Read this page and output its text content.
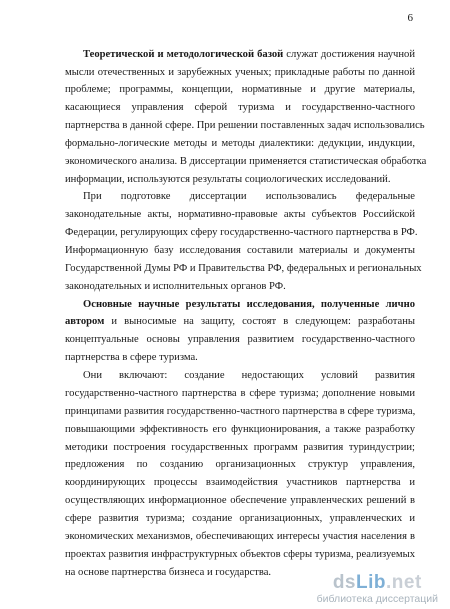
6
Теоретической и методологической базой служат достижения научной
мысли отечественных и зарубежных ученых; прикладные работы по данной
проблеме; программы, концепции, нормативные и другие материалы,
касающиеся управления сферой туризма и государственно-частного
партнерства в данной сфере. При решении поставленных задач использовались
формально-логические методы и методы диалектики: дедукции, индукции,
экономического анализа. В диссертации применяется статистическая обработка
информации, используются результаты социологических исследований.
При подготовке диссертации использовались федеральные
законодательные акты, нормативно-правовые акты субъектов Российской
Федерации, регулирующих сферу государственно-частного партнерства в РФ.
Информационную базу исследования составили материалы и документы
Государственной Думы РФ и Правительства РФ, федеральных и региональных
законодательных и исполнительных органов РФ.
Основные научные результаты исследования, полученные лично
автором и выносимые на защиту, состоят в следующем: разработаны
концептуальные основы управления развитием государственно-частного
партнерства в сфере туризма.
Они включают: создание недостающих условий развития
государственно-частного партнерства в сфере туризма; дополнение новыми
принципами развития государственно-частного партнерства в сфере туризма,
повышающими эффективность его функционирования, а также разработку
методики построения государственных программ развития туриндустрии;
предложения по созданию организационных структур управления,
координирующих процессы взаимодействия участников партнерства и
осуществляющих информационное обеспечение управленческих решений в
сфере развития туризма; создание организационных, управленческих и
экономических механизмов, обеспечивающих интересы участия населения в
проектах развития инфраструктурных объектов сферы туризма, реализуемых
на основе партнерства бизнеса и государства.	dsLib.net
библиотека диссертаций
